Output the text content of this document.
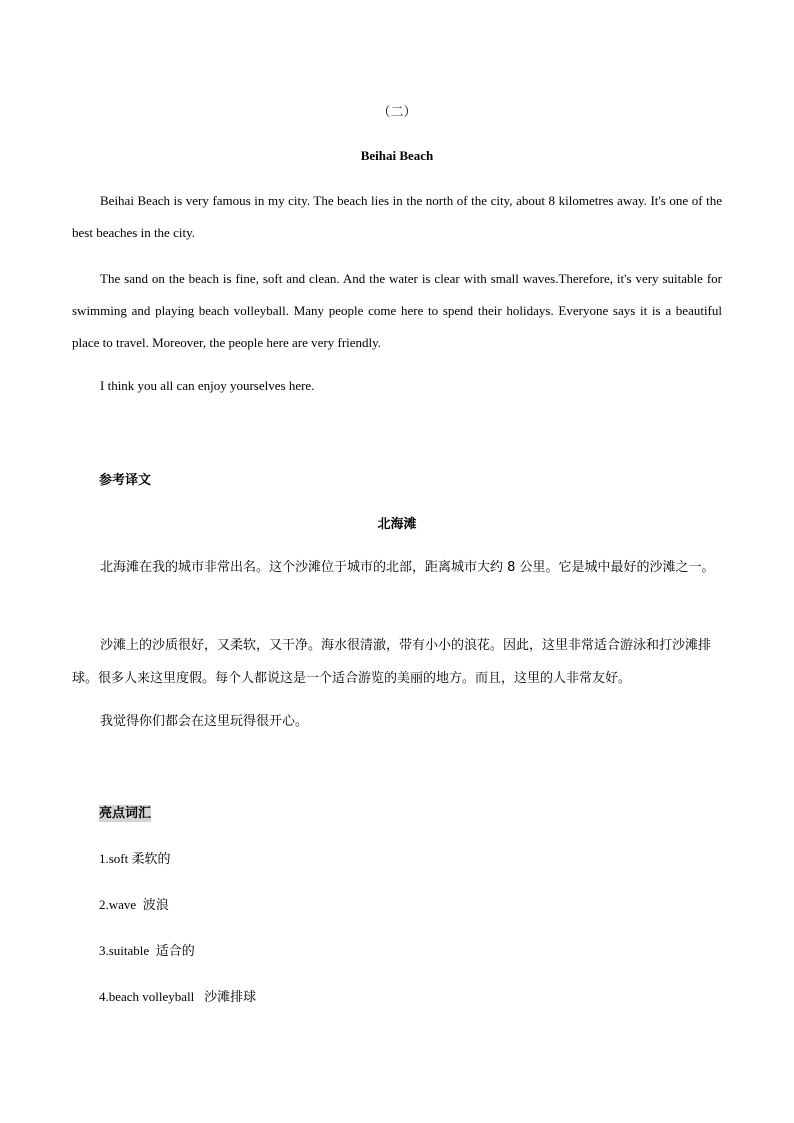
（二）
Beihai Beach
Beihai Beach is very famous in my city. The beach lies in the north of the city, about 8 kilometres away. It's one of the best beaches in the city.
The sand on the beach is fine, soft and clean. And the water is clear with small waves.Therefore, it's very suitable for swimming and playing beach volleyball. Many people come here to spend their holidays. Everyone says it is a beautiful place to travel. Moreover, the people here are very friendly.
I think you all can enjoy yourselves here.
参考译文
北海滩
北海滩在我的城市非常出名。这个沙滩位于城市的北部，距离城市大约 8 公里。它是城中最好的沙滩之一。
沙滩上的沙质很好，又柔软，又干净。海水很清澈，带有小小的浪花。因此，这里非常适合游泳和打沙滩排球。很多人来这里度假。每个人都说这是一个适合游览的美丽的地方。而且，这里的人非常友好。
我觉得你们都会在这里玩得很开心。
亮点词汇
1.soft 柔软的
2.wave 波浪
3.suitable 适合的
4.beach volleyball 沙滩排球
